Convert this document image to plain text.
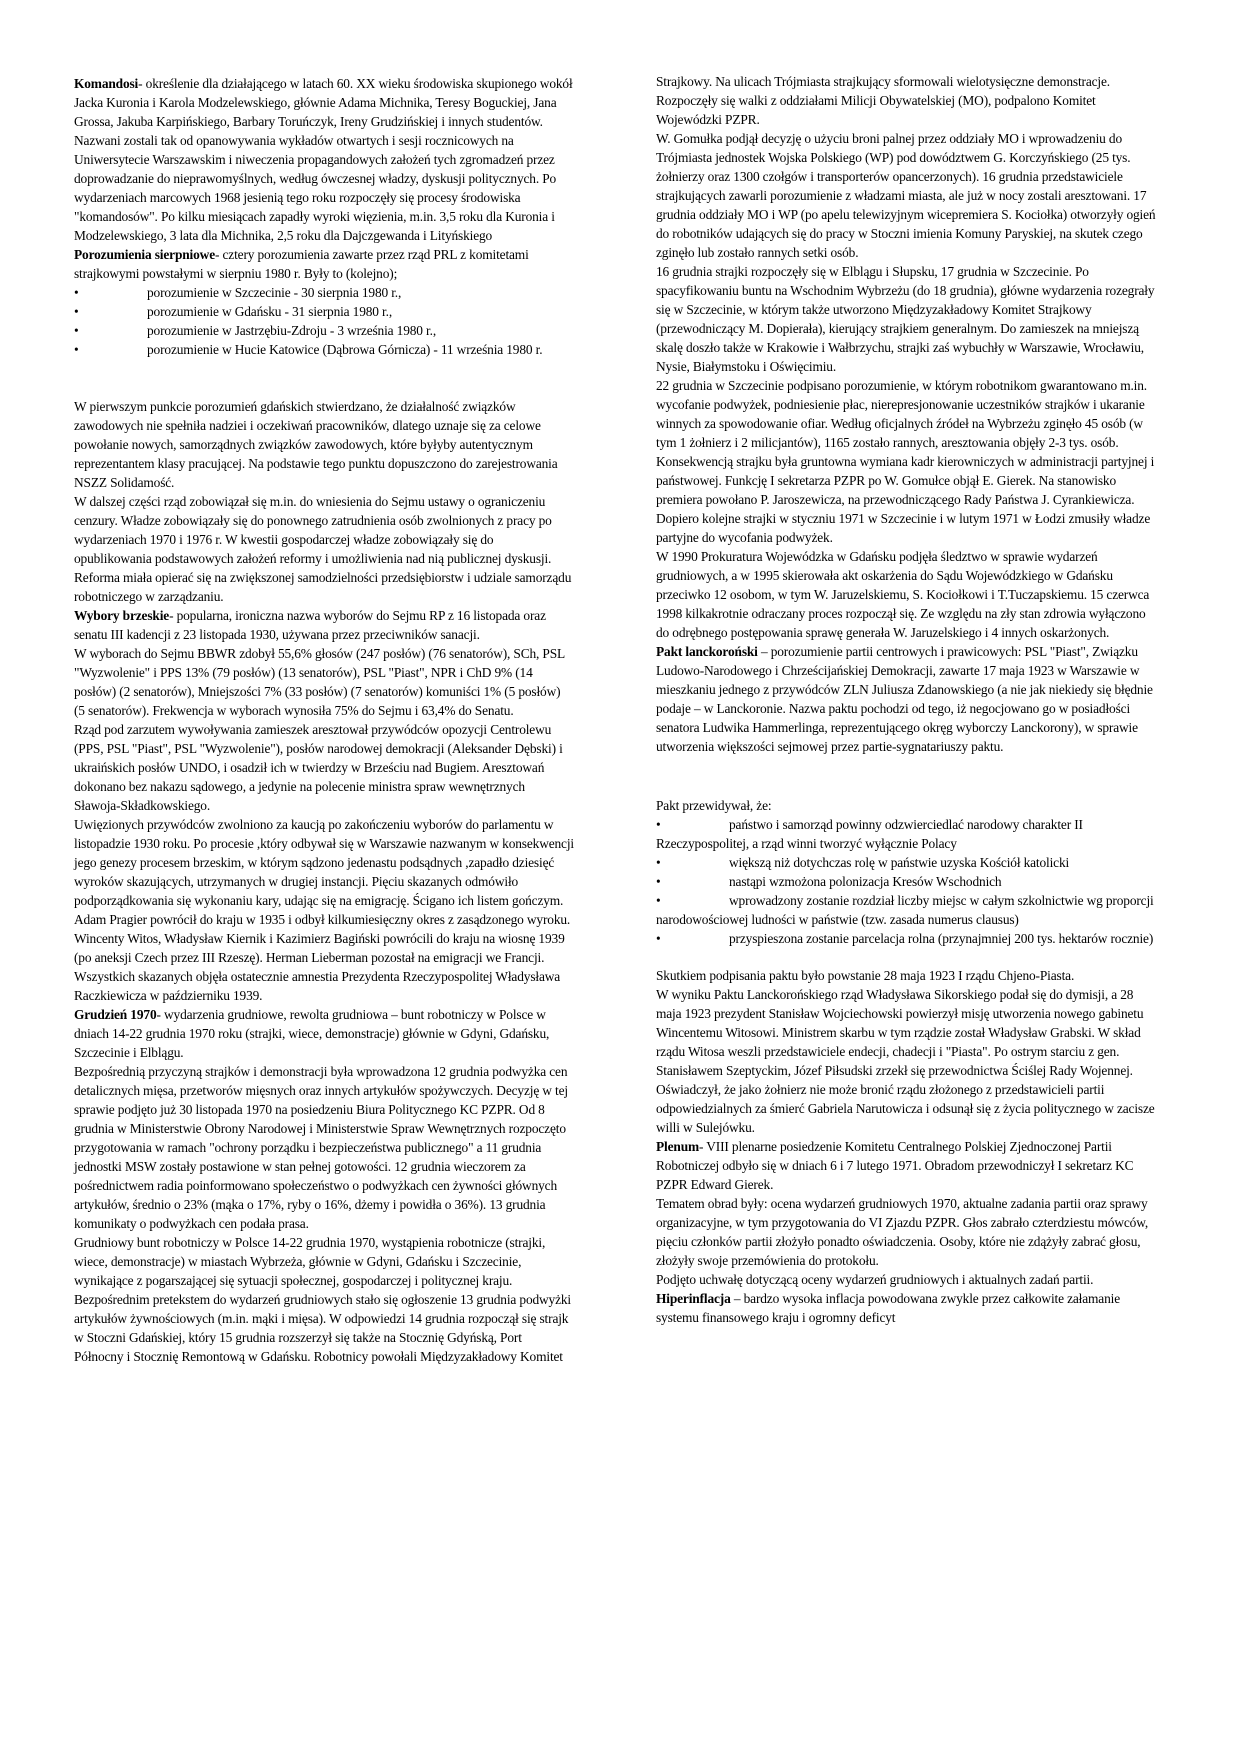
Komandosi- określenie dla działającego w latach 60. XX wieku środowiska skupionego wokół Jacka Kuronia i Karola Modzelewskiego, głównie Adama Michnika, Teresy Boguckiej, Jana Grossa, Jakuba Karpińskiego, Barbary Toruńczyk, Ireny Grudzińskiej i innych studentów. Nazwani zostali tak od opanowywania wykładów otwartych i sesji rocznicowych na Uniwersytecie Warszawskim i niweczenia propagandowych założeń tych zgromadzeń przez doprowadzanie do nieprawomyślnych, według ówczesnej władzy, dyskusji politycznych. Po wydarzeniach marcowych 1968 jesienią tego roku rozpoczęły się procesy środowiska "komandosów". Po kilku miesiącach zapadły wyroki więzienia, m.in. 3,5 roku dla Kuronia i Modzelewskiego, 3 lata dla Michnika, 2,5 roku dla Dajczgewanda i Lityńskiego

Porozumienia sierpniowe- cztery porozumienia zawarte przez rząd PRL z komitetami strajkowymi powstałymi w sierpniu 1980 r. Były to (kolejno);

•	porozumienie w Szczecinie - 30 sierpnia 1980 r.,
•	porozumienie w Gdańsku - 31 sierpnia 1980 r.,
•	porozumienie w Jastrzębiu-Zdroju - 3 września 1980 r.,
•	porozumienie w Hucie Katowice (Dąbrowa Górnicza) - 11 września 1980 r.

W pierwszym punkcie porozumień gdańskich stwierdzano, że działalność związków zawodowych nie spełniła nadziei i oczekiwań pracowników, dlatego uznaje się za celowe powołanie nowych, samorządnych związków zawodowych, które byłyby autentycznym reprezentantem klasy pracującej. Na podstawie tego punktu dopuszczono do zarejestrowania NSZZ Solidamość.

W dalszej części rząd zobowiązał się m.in. do wniesienia do Sejmu ustawy o ograniczeniu cenzury. Władze zobowiązały się do ponownego zatrudnienia osób zwolnionych z pracy po wydarzeniach 1970 i 1976 r. W kwestii gospodarczej władze zobowiązały się do opublikowania podstawowych założeń reformy i umożliwienia nad nią publicznej dyskusji. Reforma miała opierać się na zwiększonej samodzielności przedsiębiorstw i udziale samorządu robotniczego w zarządzaniu.

Wybory brzeskie- popularna, ironiczna nazwa wyborów do Sejmu RP z 16 listopada oraz senatu III kadencji z 23 listopada 1930, używana przez przeciwników sanacji.

W wyborach do Sejmu BBWR zdobył 55,6% głosów (247 posłów) (76 senatorów), SCh, PSL "Wyzwolenie" i PPS 13% (79 posłów) (13 senatorów), PSL "Piast", NPR i ChD 9% (14 posłów) (2 senatorów), Mniejszości 7% (33 posłów) (7 senatorów) komuniści 1% (5 posłów) (5 senatorów). Frekwencja w wyborach wynosiła 75% do Sejmu i 63,4% do Senatu.

Rząd pod zarzutem wywoływania zamieszek aresztował przywódców opozycji Centrolewu (PPS, PSL "Piast", PSL "Wyzwolenie"), posłów narodowej demokracji (Aleksander Dębski) i ukraińskich posłów UNDO, i osadził ich w twierdzy w Brześciu nad Bugiem. Aresztowań dokonano bez nakazu sądowego, a jedynie na polecenie ministra spraw wewnętrznych Sławoja-Składkowskiego.

Uwięzionych przywódców zwolniono za kaucją po zakończeniu wyborów do parlamentu w listopadzie 1930 roku. Po procesie ,który odbywał się w Warszawie nazwanym w konsekwencji jego genezy procesem brzeskim, w którym sądzono jedenastu podsądnych ,zapadło dziesięć wyroków skazujących, utrzymanych w drugiej instancji. Pięciu skazanych odmówiło podporządkowania się wykonaniu kary, udając się na emigrację. Ścigano ich listem gończym. Adam Pragier powrócił do kraju w 1935 i odbył kilkumiesięczny okres z zasądzonego wyroku. Wincenty Witos, Władysław Kiernik i Kazimierz Bagiński powrócili do kraju na wiosnę 1939 (po aneksji Czech przez III Rzeszę). Herman Lieberman pozostał na emigracji we Francji. Wszystkich skazanych objęła ostatecznie amnestia Prezydenta Rzeczypospolitej Władysława Raczkiewicza w październiku 1939.

Grudzień 1970- wydarzenia grudniowe, rewolta grudniowa – bunt robotniczy w Polsce w dniach 14-22 grudnia 1970 roku (strajki, wiece, demonstracje) głównie w Gdyni, Gdańsku, Szczecinie i Elblągu.

Bezpośrednią przyczyną strajków i demonstracji była wprowadzona 12 grudnia podwyżka cen detalicznych mięsa, przetworów mięsnych oraz innych artykułów spożywczych. Decyzję w tej sprawie podjęto już 30 listopada 1970 na posiedzeniu Biura Politycznego KC PZPR. Od 8 grudnia w Ministerstwie Obrony Narodowej i Ministerstwie Spraw Wewnętrznych rozpoczęto przygotowania w ramach "ochrony porządku i bezpieczeństwa publicznego" a 11 grudnia jednostki MSW zostały postawione w stan pełnej gotowości. 12 grudnia wieczorem za pośrednictwem radia poinformowano społeczeństwo o podwyżkach cen żywności głównych artykułów, średnio o 23% (mąka o 17%, ryby o 16%, dżemy i powidła o 36%). 13 grudnia komunikaty o podwyżkach cen podała prasa.

Grudniowy bunt robotniczy w Polsce 14-22 grudnia 1970, wystąpienia robotnicze (strajki, wiece, demonstracje) w miastach Wybrzeża, głównie w Gdyni, Gdańsku i Szczecinie, wynikające z pogarszającej się sytuacji społecznej, gospodarczej i politycznej kraju.

Bezpośrednim pretekstem do wydarzeń grudniowych stało się ogłoszenie 13 grudnia podwyżki artykułów żywnościowych (m.in. mąki i mięsa). W odpowiedzi 14 grudnia rozpoczął się strajk w Stoczni Gdańskiej, który 15 grudnia rozszerzył się także na Stocznię Gdyńską, Port Północny i Stocznię Remontową w Gdańsku. Robotnicy powołali Międzyzakładowy Komitet

Strajkowy. Na ulicach Trójmiasta strajkujący sformowali wielotysięczne demonstracje. Rozpoczęły się walki z oddziałami Milicji Obywatelskiej (MO), podpalono Komitet Wojewódzki PZPR.

W. Gomułka podjął decyzję o użyciu broni palnej przez oddziały MO i wprowadzeniu do Trójmiasta jednostek Wojska Polskiego (WP) pod dowództwem G. Korczyńskiego (25 tys. żołnierzy oraz 1300 czołgów i transporterów opancerzonych). 16 grudnia przedstawiciele strajkujących zawarli porozumienie z władzami miasta, ale już w nocy zostali aresztowani. 17 grudnia oddziały MO i WP (po apelu telewizyjnym wicepremiera S. Kociołka) otworzyły ogień do robotników udających się do pracy w Stoczni imienia Komuny Paryskiej, na skutek czego zginęło lub zostało rannych setki osób.

16 grudnia strajki rozpoczęły się w Elblągu i Słupsku, 17 grudnia w Szczecinie. Po spacyfikowaniu buntu na Wschodnim Wybrzeżu (do 18 grudnia), główne wydarzenia rozegrały się w Szczecinie, w którym także utworzono Międzyzakładowy Komitet Strajkowy (przewodniczący M. Dopierała), kierujący strajkiem generalnym. Do zamieszek na mniejszą skalę doszło także w Krakowie i Wałbrzychu, strajki zaś wybuchły w Warszawie, Wrocławiu, Nysie, Białymstoku i Oświęcimiu.

22 grudnia w Szczecinie podpisano porozumienie, w którym robotnikom gwarantowano m.in. wycofanie podwyżek, podniesienie płac, nierepresjonowanie uczestników strajków i ukaranie winnych za spowodowanie ofiar. Według oficjalnych źródeł na Wybrzeżu zginęło 45 osób (w tym 1 żołnierz i 2 milicjantów), 1165 zostało rannych, aresztowania objęły 2-3 tys. osób. Konsekwencją strajku była gruntowna wymiana kadr kierowniczych w administracji partyjnej i państwowej. Funkcję I sekretarza PZPR po W. Gomułce objął E. Gierek. Na stanowisko premiera powołano P. Jaroszewicza, na przewodniczącego Rady Państwa J. Cyrankiewicza. Dopiero kolejne strajki w styczniu 1971 w Szczecinie i w lutym 1971 w Łodzi zmusiły władze partyjne do wycofania podwyżek.

W 1990 Prokuratura Wojewódzka w Gdańsku podjęła śledztwo w sprawie wydarzeń grudniowych, a w 1995 skierowała akt oskarżenia do Sądu Wojewódzkiego w Gdańsku przeciwko 12 osobom, w tym W. Jaruzelskiemu, S. Kociołkowi i T.Tuczapskiemu. 15 czerwca 1998 kilkakrotnie odraczany proces rozpoczął się. Ze względu na zły stan zdrowia wyłączono do odrębnego postępowania sprawę generała W. Jaruzelskiego i 4 innych oskarżonych.

Pakt lanckoroński – porozumienie partii centrowych i prawicowych: PSL "Piast", Związku Ludowo-Narodowego i Chrześcijańskiej Demokracji, zawarte 17 maja 1923 w Warszawie w mieszkaniu jednego z przywódców ZLN Juliusza Zdanowskiego (a nie jak niekiedy się błędnie podaje – w Lanckoronie. Nazwa paktu pochodzi od tego, iż negocjowano go w posiadłości senatora Ludwika Hammerlinga, reprezentującego okręg wyborczy Lanckorony), w sprawie utworzenia większości sejmowej przez partie-sygnatariuszy paktu.

Pakt przewidywał, że:

•	państwo i samorząd powinny odzwierciedlać narodowy charakter II Rzeczypospolitej, a rząd winni tworzyć wyłącznie Polacy
•	większą niż dotychczas rolę w państwie uzyska Kościół katolicki
•	nastąpi wzmożona polonizacja Kresów Wschodnich
•	wprowadzony zostanie rozdział liczby miejsc w całym szkolnictwie wg proporcji narodowościowej ludności w państwie (tzw. zasada numerus clausus)
•	przyspieszona zostanie parcelacja rolna (przynajmniej 200 tys. hektarów rocznie)

Skutkiem podpisania paktu było powstanie 28 maja 1923 I rządu Chjeno-Piasta.

W wyniku Paktu Lanckorońskiego rząd Władysława Sikorskiego podał się do dymisji, a 28 maja 1923 prezydent Stanisław Wojciechowski powierzył misję utworzenia nowego gabinetu Wincentemu Witosowi. Ministrem skarbu w tym rządzie został Władysław Grabski. W skład rządu Witosa weszli przedstawiciele endecji, chadecji i "Piasta". Po ostrym starciu z gen. Stanisławem Szeptyckim, Józef Piłsudski zrzekł się przewodnictwa Ściślej Rady Wojennej. Oświadczył, że jako żołnierz nie może bronić rządu złożonego z przedstawicieli partii odpowiedzialnych za śmierć Gabriela Narutowicza i odsunął się z życia politycznego w zacisze willi w Sulejówku.

Plenum- VIII plenarne posiedzenie Komitetu Centralnego Polskiej Zjednoczonej Partii Robotniczej odbyło się w dniach 6 i 7 lutego 1971. Obradom przewodniczył I sekretarz KC PZPR Edward Gierek.

Tematem obrad były: ocena wydarzeń grudniowych 1970, aktualne zadania partii oraz sprawy organizacyjne, w tym przygotowania do VI Zjazdu PZPR. Głos zabrało czterdziestu mówców, pięciu członków partii złożyło ponadto oświadczenia. Osoby, które nie zdążyły zabrać głosu, złożyły swoje przemówienia do protokołu.

Podjęto uchwałę dotyczącą oceny wydarzeń grudniowych i aktualnych zadań partii.

Hiperinflacja – bardzo wysoka inflacja powodowana zwykle przez całkowite załamanie systemu finansowego kraju i ogromny deficyt
